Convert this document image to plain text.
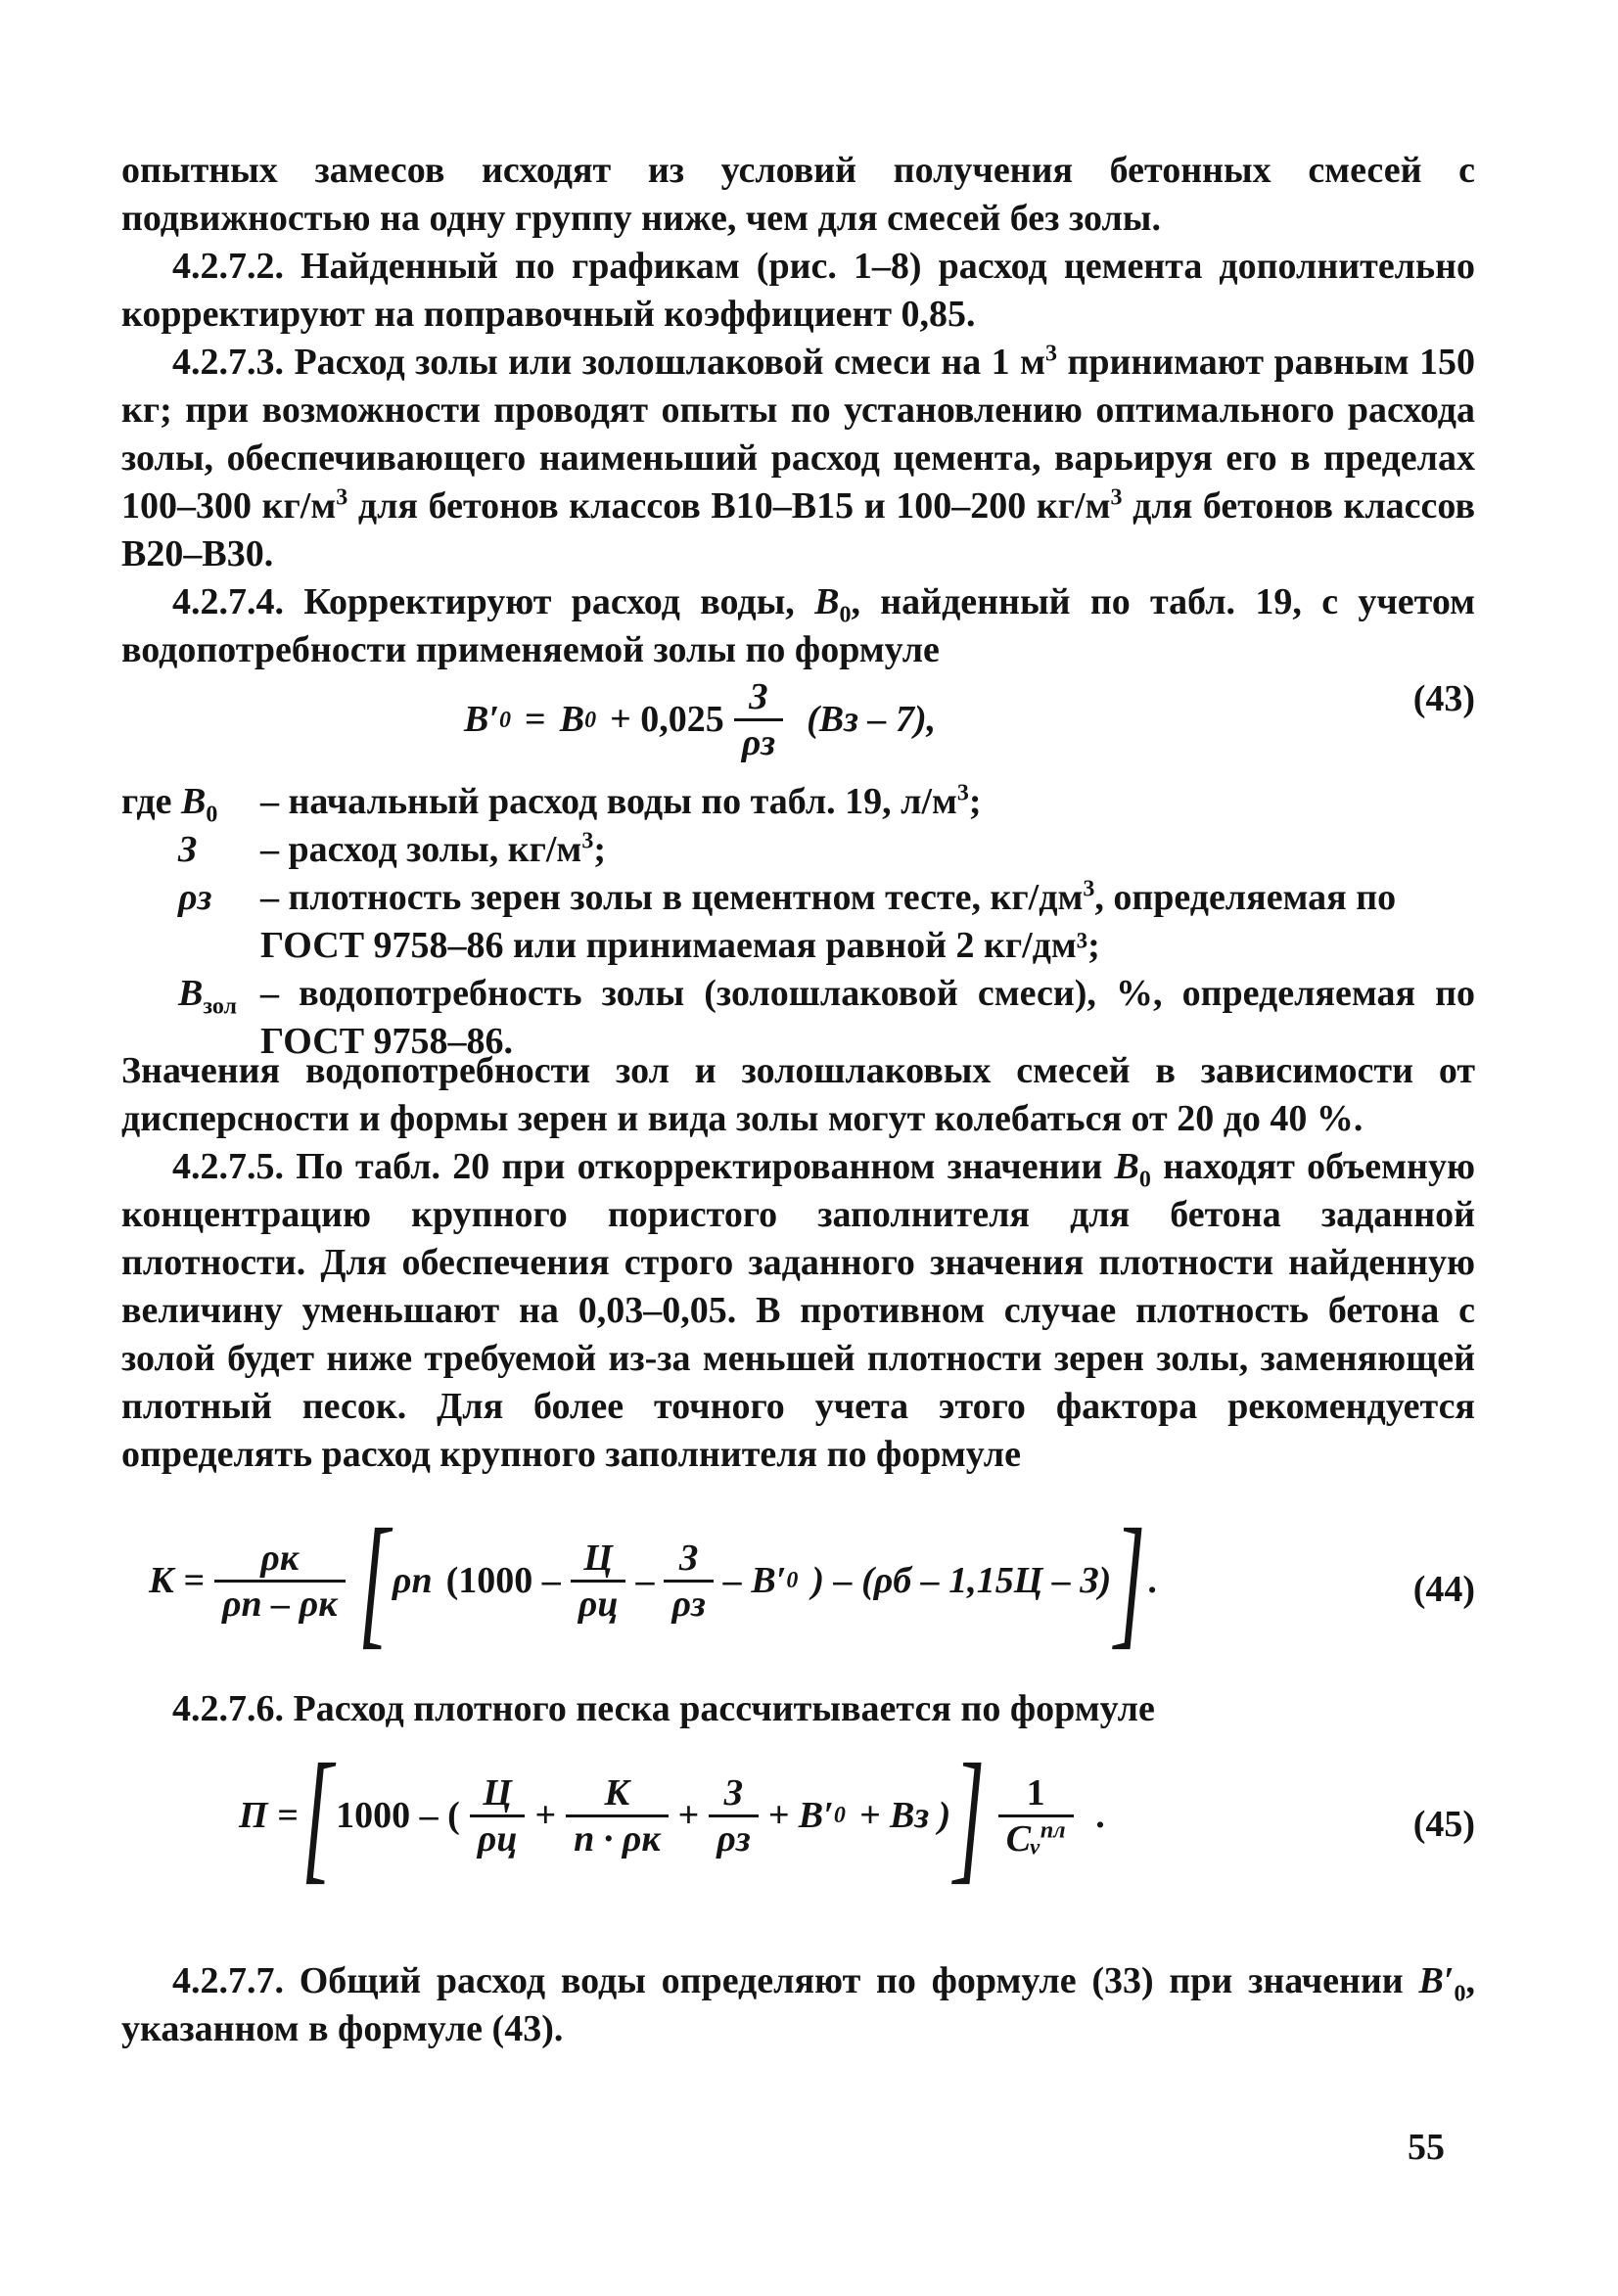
опытных замесов исходят из условий получения бетонных смесей с подвижностью на одну группу ниже, чем для смесей без золы.

4.2.7.2. Найденный по графикам (рис. 1–8) расход цемента дополнительно корректируют на поправочный коэффициент 0,85.

4.2.7.3. Расход золы или золошлаковой смеси на 1 $м^3$ принимают равным 150 кг; при возможности проводят опыты по установлению оптимального расхода золы, обеспечивающего наименьший расход цемента, варьируя его в пределах 100–300 $кг/м^3$ для бетонов классов В10–В15 и 100–200 $кг/м^3$ для бетонов классов В20–В30.

4.2.7.4. Корректируют расход воды, $В_0$, найденный по табл. 19, с учетом водопотребности применяемой золы по формуле

В′ 0 = В $0 + 0,025 \frac{З}{\rho з} (Вз - 7)$,	(43)
где $В_0$	– начальный расход воды по табл. 19, $л/м^3$;
З	– расход золы, $кг/м^3$;
ρз	– плотность зерен золы в цементном тесте, $кг/дм^3$, определяемая по ГОСТ 9758–86 или принимаемая равной 2 кг/дм³;
$В_{зол}$ – водопотребность золы (золошлаковой смеси), %, определяемая по ГОСТ 9758–86.

Значения водопотребности зол и золошлаковых смесей в зависимости от дисперсности и формы зерен и вида золы могут колебаться от 20 до 40 %.

4.2.7.5. По табл. 20 при откорректированном значении $В_0$ находят объемную концентрацию крупного пористого заполнителя для бетона заданной плотности. Для обеспечения строго заданного значения плотности найденную величину уменьшают на 0,03–0,05. В противном случае плотность бетона с золой будет ниже требуемой из-за меньшей плотности зерен золы, заменяющей плотный песок. Для более точного учета этого фактора рекомендуется определять расход крупного заполнителя по формуле

$К = \frac{\rho к}{\rho п - \rho к}$ [ ρп ($1000 - \frac{Ц}{\rho ц} - \frac{З}{\rho з} - В'$ 0 ) – (ρб – 1,15Ц – З) ] .	(44)

4.2.7.6. Расход плотного песка рассчитывается по формуле

П = [ 1000 – ( $\frac{Ц}{\rho ц} + \frac{К}{n \cdot \rho к} + \frac{З}{\rho з} + В'$ 0 + Вз ) ] $\frac{1}{Сᵥ^{пл}}$ .	(45)

4.2.7.7. Общий расход воды определяют по формуле (33) при значении $В'_0$, указанном в формуле (43).

55
